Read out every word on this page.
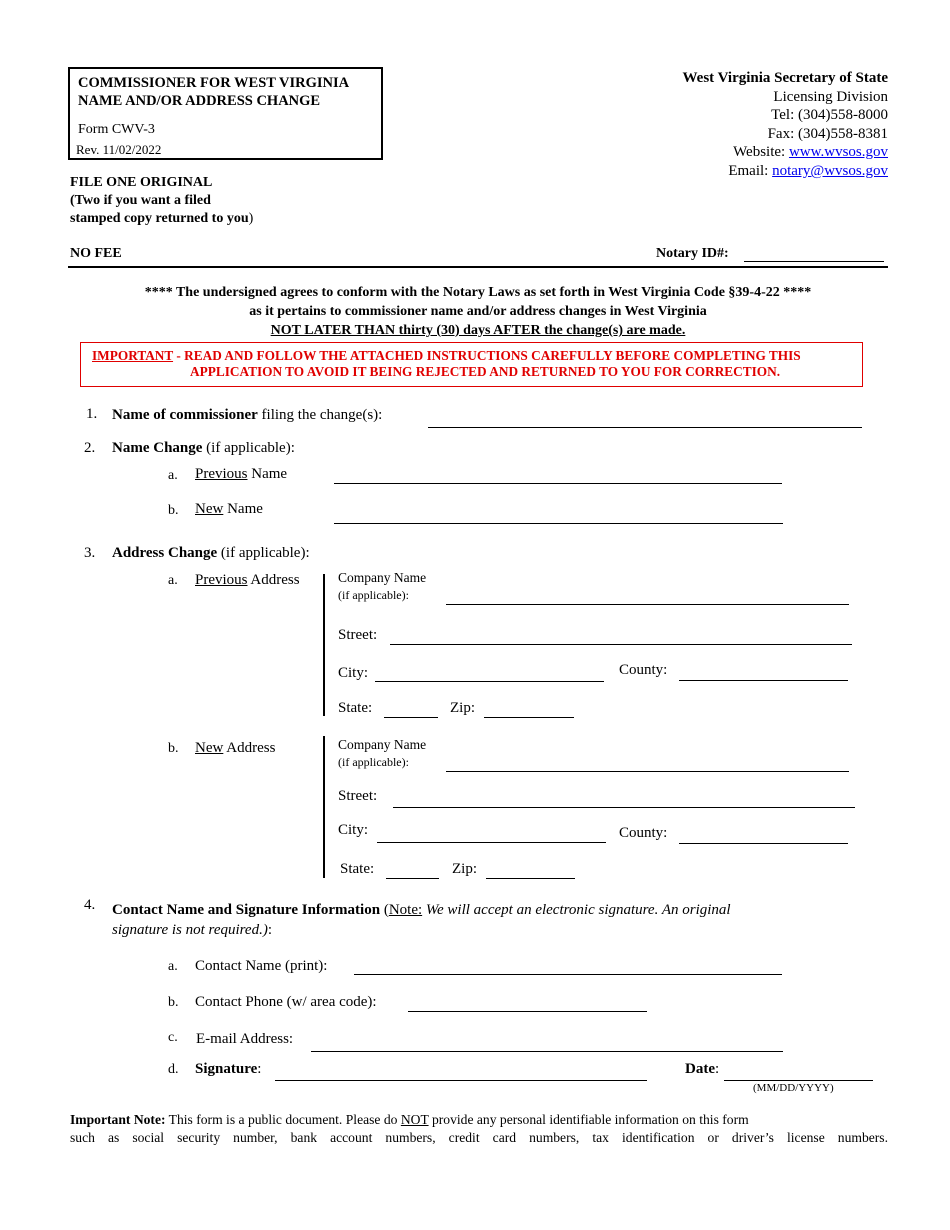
COMMISSIONER FOR WEST VIRGINIA
NAME AND/OR ADDRESS CHANGE
Form CWV-3
Rev. 11/02/2022
West Virginia Secretary of State
Licensing Division
Tel: (304)558-8000
Fax: (304)558-8381
Website: www.wvsos.gov
Email: notary@wvsos.gov
FILE ONE ORIGINAL
(Two if you want a filed
stamped copy returned to you)
NO FEE	Notary ID#:
**** The undersigned agrees to conform with the Notary Laws as set forth in West Virginia Code §39-4-22 ****
as it pertains to commissioner name and/or address changes in West Virginia
NOT LATER THAN thirty (30) days AFTER the change(s) are made.
IMPORTANT - READ AND FOLLOW THE ATTACHED INSTRUCTIONS CAREFULLY BEFORE COMPLETING THIS
APPLICATION TO AVOID IT BEING REJECTED AND RETURNED TO YOU FOR CORRECTION.
1. Name of commissioner filing the change(s):
2. Name Change (if applicable):
a. Previous Name
b. New Name
3. Address Change (if applicable):
a. Previous Address	Company Name
(if applicable):
Street:
City:	County:
State:	Zip:
b. New Address	Company Name
(if applicable):
Street:
City:	County:
State:	Zip:
4. Contact Name and Signature Information (Note: We will accept an electronic signature. An original
signature is not required.):
a. Contact Name (print):
b. Contact Phone (w/ area code):
c. E-mail Address:
d. Signature:	Date:
(MM/DD/YYYY)
Important Note: This form is a public document. Please do NOT provide any personal identifiable information on this form
such as social security number, bank account numbers, credit card numbers, tax identification or driver’s license numbers.
